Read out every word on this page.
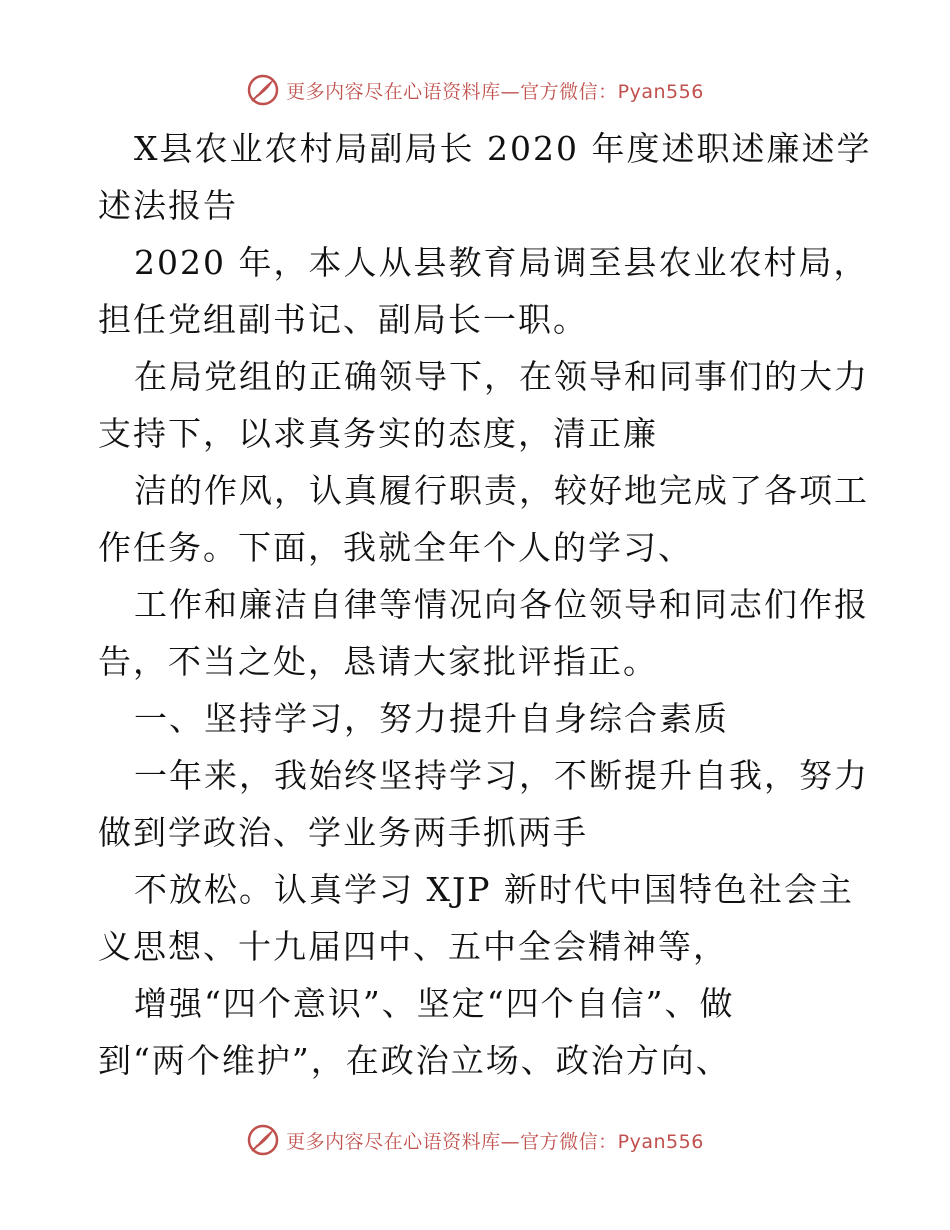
更多内容尽在心语资料库—官方微信：Pyan556

X县农业农村局副局长 2020 年度述职述廉述学

述法报告

2020 年，本人从县教育局调至县农业农村局，

担任党组副书记、副局长一职。

在局党组的正确领导下，在领导和同事们的大力

支持下，以求真务实的态度，清正廉

洁的作风，认真履行职责，较好地完成了各项工

作任务。下面，我就全年个人的学习、

工作和廉洁自律等情况向各位领导和同志们作报

告，不当之处，恳请大家批评指正。

一、坚持学习，努力提升自身综合素质

一年来，我始终坚持学习，不断提升自我，努力

做到学政治、学业务两手抓两手

不放松。认真学习 XJP 新时代中国特色社会主

义思想、十九届四中、五中全会精神等，

增强“四个意识”、坚定“四个自信”、做

到“两个维护”，在政治立场、政治方向、

更多内容尽在心语资料库—官方微信：Pyan556
